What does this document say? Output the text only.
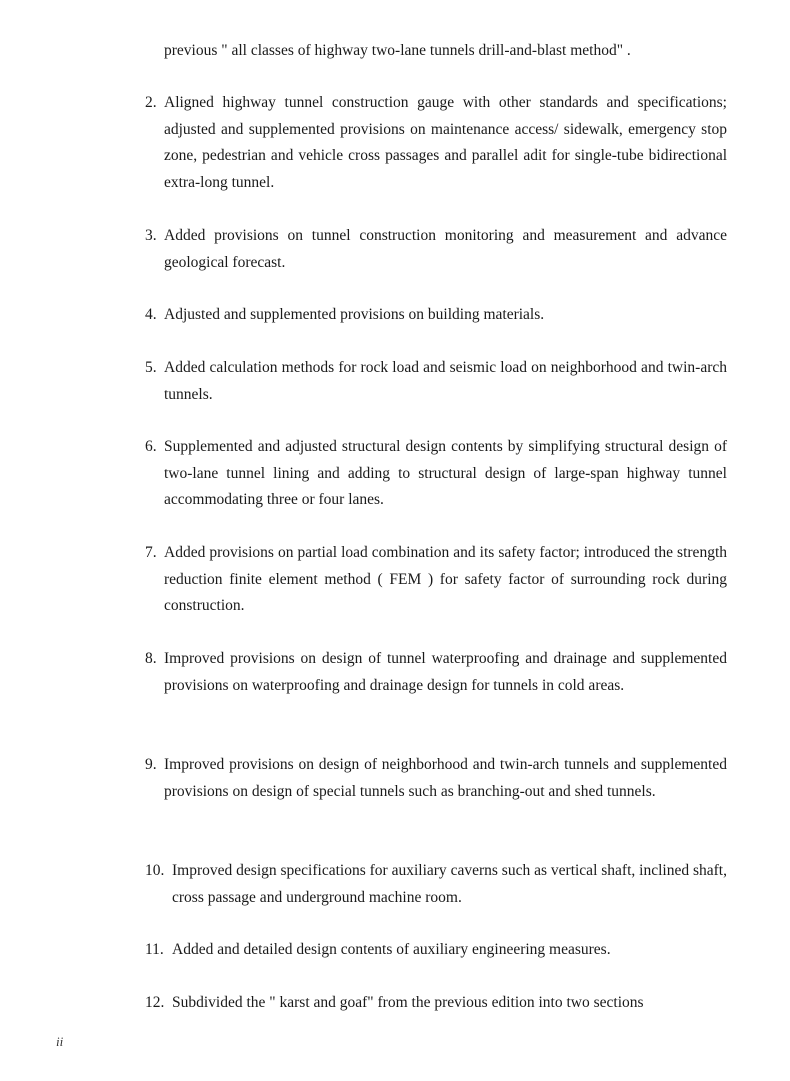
previous " all classes of highway two-lane tunnels drill-and-blast method" .
2. Aligned highway tunnel construction gauge with other standards and specifications; adjusted and supplemented provisions on maintenance access/ sidewalk, emergency stop zone, pedestrian and vehicle cross passages and parallel adit for single-tube bidirectional extra-long tunnel.
3. Added provisions on tunnel construction monitoring and measurement and advance geological forecast.
4. Adjusted and supplemented provisions on building materials.
5. Added calculation methods for rock load and seismic load on neighborhood and twin-arch tunnels.
6. Supplemented and adjusted structural design contents by simplifying structural design of two-lane tunnel lining and adding to structural design of large-span highway tunnel accommodating three or four lanes.
7. Added provisions on partial load combination and its safety factor; introduced the strength reduction finite element method ( FEM ) for safety factor of surrounding rock during construction.
8. Improved provisions on design of tunnel waterproofing and drainage and supplemented provisions on waterproofing and drainage design for tunnels in cold areas.
9. Improved provisions on design of neighborhood and twin-arch tunnels and supplemented provisions on design of special tunnels such as branching-out and shed tunnels.
10. Improved design specifications for auxiliary caverns such as vertical shaft, inclined shaft, cross passage and underground machine room.
11. Added and detailed design contents of auxiliary engineering measures.
12. Subdivided the " karst and goaf" from the previous edition into two sections
ii
